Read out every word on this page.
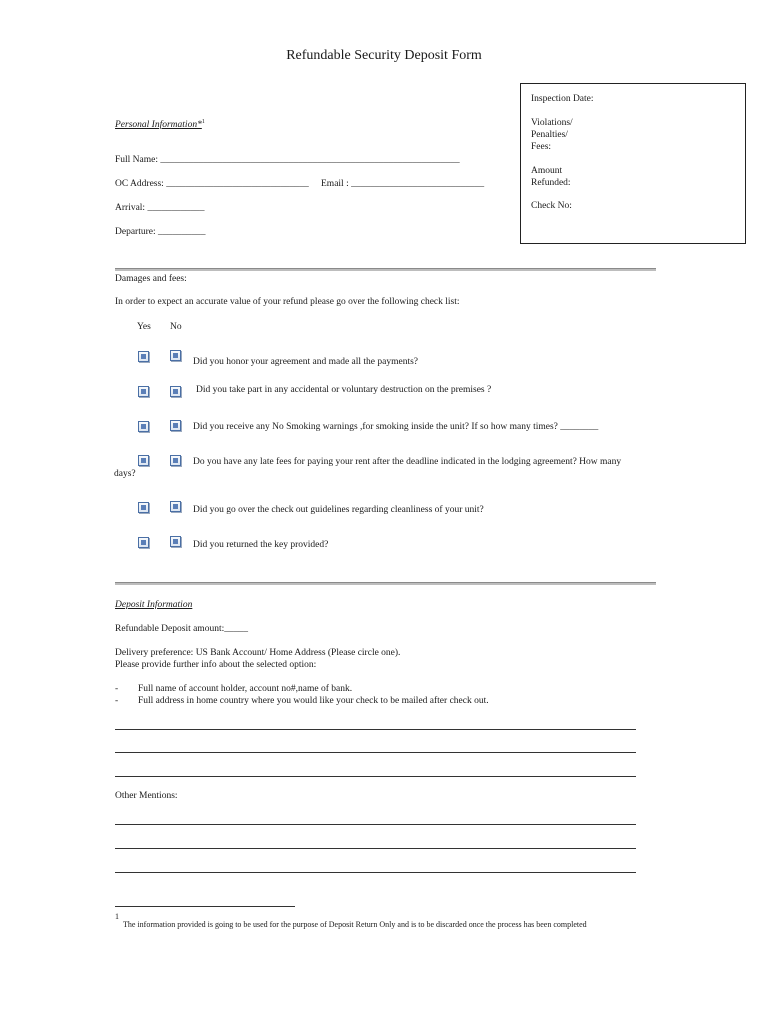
Refundable Security Deposit Form
Inspection Date:
Violations/
Penalties/
Fees:
Amount
Refunded:
Check No:
Personal Information*$^1$
Full Name: _______________________________________________________________
OC Address: ______________________________ Email : ____________________________
Arrival: ____________
Departure: __________
Damages and fees:
In order to expect an accurate value of your refund please go over the following check list:
Yes No
Did you honor your agreement and made all the payments?
Did you take part in any accidental or voluntary destruction on the premises ?
Did you receive any No Smoking warnings ,for smoking inside the unit? If so how many times? ________
Do you have any late fees for paying your rent after the deadline indicated in the lodging agreement? How many
days?
Did you go over the check out guidelines regarding cleanliness of your unit?
Did you returned the key provided?
Deposit Information
Refundable Deposit amount:_____
Delivery preference: US Bank Account/ Home Address (Please circle one).
Please provide further info about the selected option:
- Full name of account holder, account no#,name of bank.
- Full address in home country where you would like your check to be mailed after check out.
Other Mentions:
1
The information provided is going to be used for the purpose of Deposit Return Only and is to be discarded once the process has been completed
